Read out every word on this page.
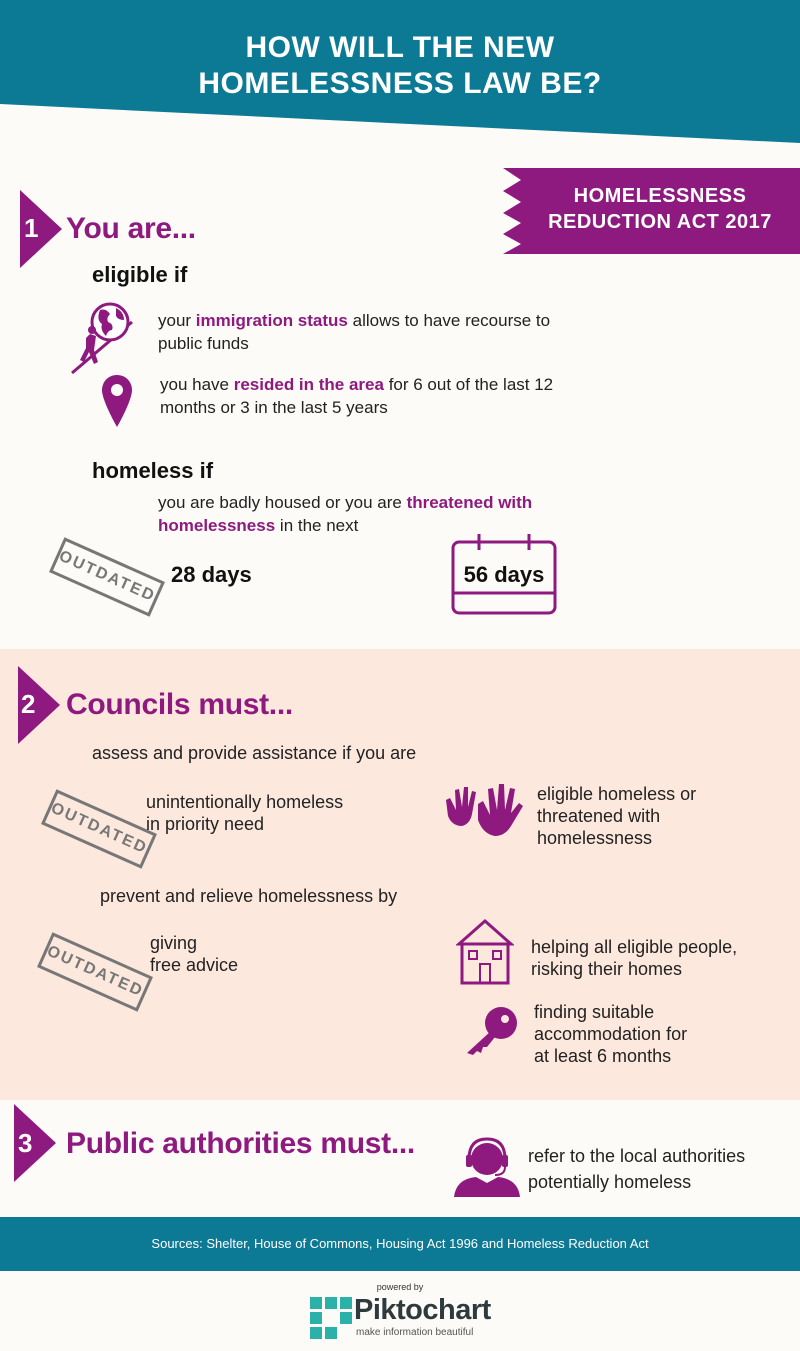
HOW WILL THE NEW
HOMELESSNESS LAW BE?
HOMELESSNESS
REDUCTION ACT 2017
1 You are...
eligible if
your immigration status allows to have recourse to
public funds
you have resided in the area for 6 out of the last 12
months or 3 in the last 5 years
homeless if
you are badly housed or you are threatened with
homelessness in the next
OUTDATED 28 days	56 days
2 Councils must...
assess and provide assistance if you are
OUTDATED
unintentionally homeless
in priority need
eligible homeless or
threatened with
homelessness
prevent and relieve homelessness by
OUTDATED giving
free advice
helping all eligible people,
risking their homes
finding suitable
accommodation for
at least 6 months
3 Public authorities must...	refer to the local authorities
potentially homeless
Sources: Shelter, House of Commons, Housing Act 1996 and Homeless Reduction Act
powered by
Piktochart
make information beautiful
